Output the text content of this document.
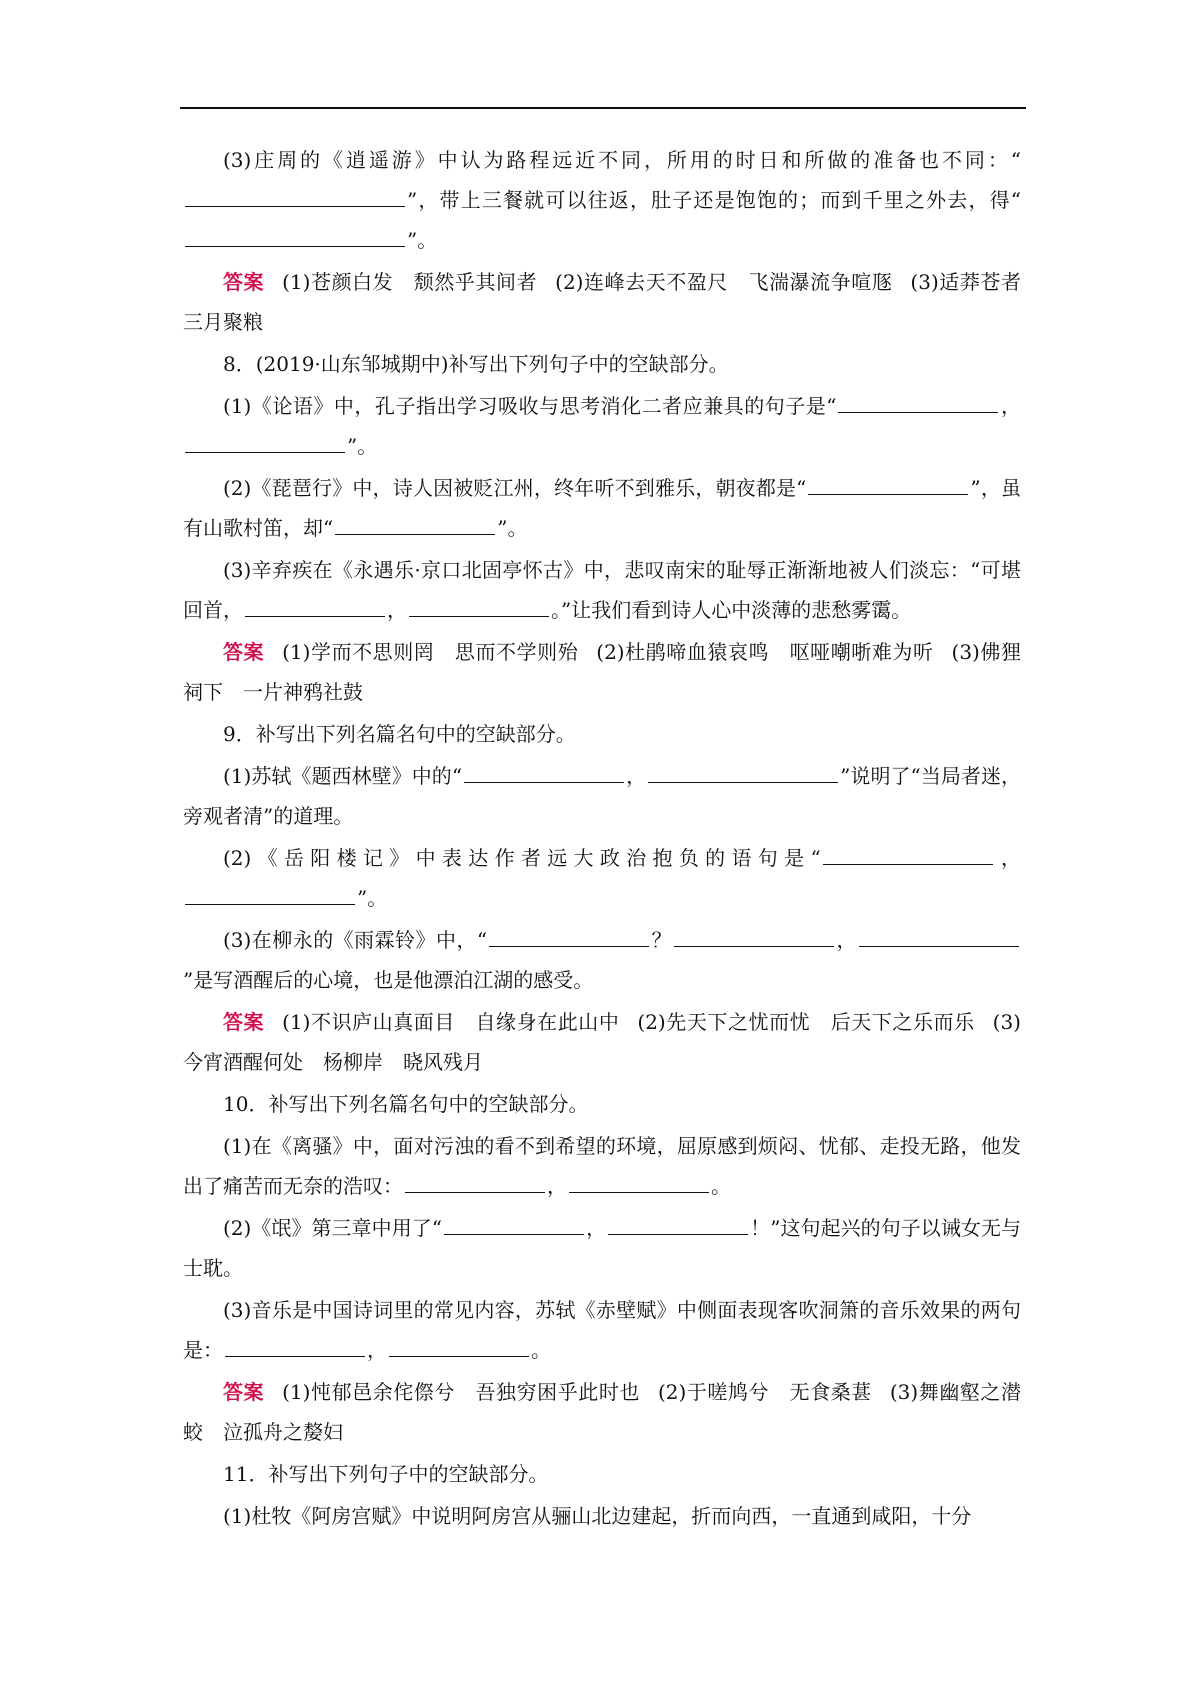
(3)庄周的《逍遥游》中认为路程远近不同，所用的时日和所做的准备也不同：“”，带上三餐就可以往返，肚子还是饱饱的；而到千里之外去，得“”。

答案 (1)苍颜白发　颓然乎其间者 (2)连峰去天不盈尺　飞湍瀑流争喧豗 (3)适莽苍者　三月聚粮

8．(2019·山东邹城期中)补写出下列句子中的空缺部分。

(1)《论语》中，孔子指出学习吸收与思考消化二者应兼具的句子是“	，”。

(2)《琵琶行》中，诗人因被贬江州，终年听不到雅乐，朝夜都是“	”，虽有山歌村笛，却“	”。

(3)辛弃疾在《永遇乐·京口北固亭怀古》中，悲叹南宋的耻辱正渐渐地被人们淡忘：“可堪回首，	，	。”让我们看到诗人心中淡薄的悲愁雾霭。

答案 (1)学而不思则罔　思而不学则殆 (2)杜鹃啼血猿哀鸣　呕哑嘲哳难为听 (3)佛狸祠下　一片神鸦社鼓

9．补写出下列名篇名句中的空缺部分。

(1)苏轼《题西林壁》中的“	，	”说明了“当局者迷，旁观者清”的道理。

(2)《岳阳楼记》中表达作者远大政治抱负的语句是“	，”。

(3)在柳永的《雨霖铃》中，“	？	，”是写酒醒后的心境，也是他漂泊江湖的感受。

答案 (1)不识庐山真面目　自缘身在此山中 (2)先天下之忧而忧　后天下之乐而乐 (3)今宵酒醒何处　杨柳岸　晓风残月

10．补写出下列名篇名句中的空缺部分。

(1)在《离骚》中，面对污浊的看不到希望的环境，屈原感到烦闷、忧郁、走投无路，他发出了痛苦而无奈的浩叹：	，	。

(2)《氓》第三章中用了“	，	！”这句起兴的句子以诫女无与士耽。

(3)音乐是中国诗词里的常见内容，苏轼《赤壁赋》中侧面表现客吹洞箫的音乐效果的两句是：	，	。

答案 (1)忳郁邑余侘傺兮　吾独穷困乎此时也 (2)于嗟鸠兮　无食桑葚 (3)舞幽壑之潜蛟　泣孤舟之嫠妇

11．补写出下列句子中的空缺部分。

(1)杜牧《阿房宫赋》中说明阿房宫从骊山北边建起，折而向西，一直通到咸阳，十分
